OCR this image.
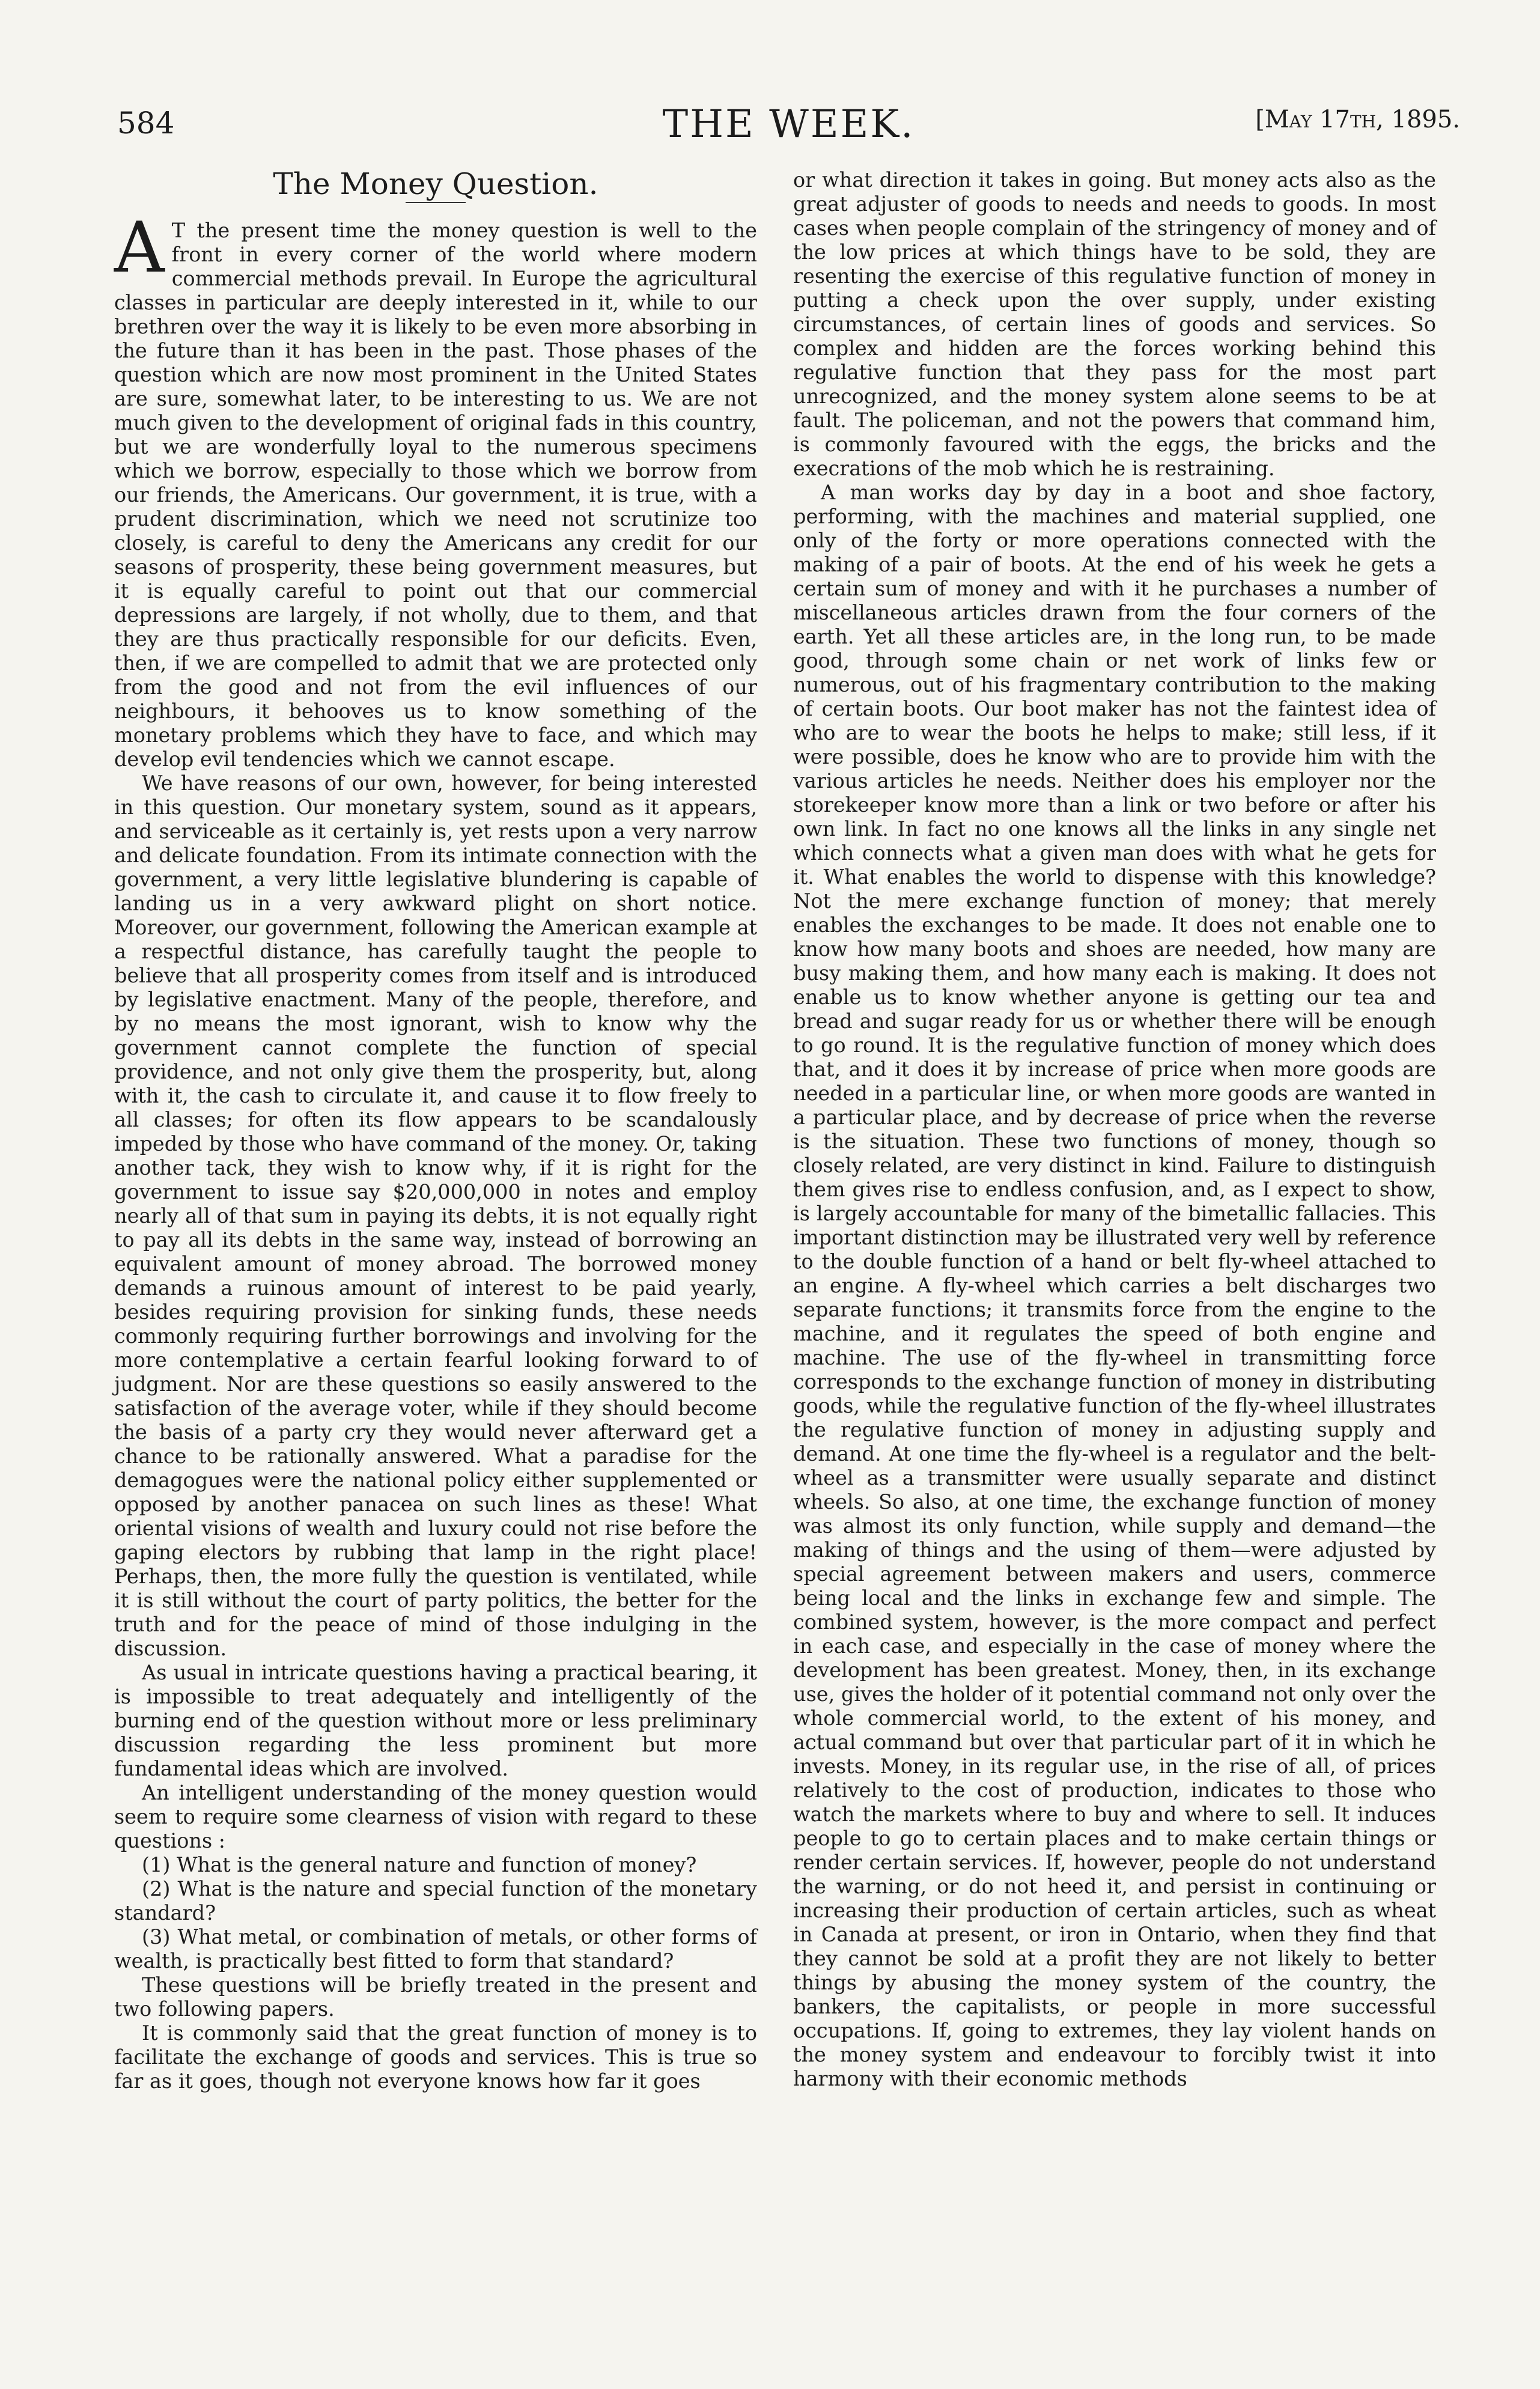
584	THE WEEK.	[May 17th, 1895.
The Money Question.

A T the present time the money question is well to the front in every corner of the world where modern commercial methods prevail. In Europe the agricultural classes in particular are deeply interested in it, while to our brethren over the way it is likely to be even more absorbing in the future than it has been in the past. Those phases of the question which are now most prominent in the United States are sure, somewhat later, to be interesting to us. We are not much given to the development of original fads in this country, but we are wonderfully loyal to the numerous specimens which we borrow, especially to those which we borrow from our friends, the Americans. Our government, it is true, with a prudent discrimination, which we need not scrutinize too closely, is careful to deny the Americans any credit for our seasons of prosperity, these being government measures, but it is equally careful to point out that our commercial depressions are largely, if not wholly, due to them, and that they are thus practically responsible for our deficits. Even, then, if we are compelled to admit that we are protected only from the good and not from the evil influences of our neighbours, it behooves us to know something of the monetary problems which they have to face, and which may develop evil tendencies which we cannot escape.

We have reasons of our own, however, for being interested in this question. Our monetary system, sound as it appears, and serviceable as it certainly is, yet rests upon a very narrow and delicate foundation. From its intimate connection with the government, a very little legislative blundering is capable of landing us in a very awkward plight on short notice. Moreover, our government, following the American example at a respectful distance, has carefully taught the people to believe that all prosperity comes from itself and is introduced by legislative enactment. Many of the people, therefore, and by no means the most ignorant, wish to know why the government cannot complete the function of special providence, and not only give them the prosperity, but, along with it, the cash to circulate it, and cause it to flow freely to all classes; for often its flow appears to be scandalously impeded by those who have command of the money. Or, taking another tack, they wish to know why, if it is right for the government to issue say $20,000,000 in notes and employ nearly all of that sum in paying its debts, it is not equally right to pay all its debts in the same way, instead of borrowing an equivalent amount of money abroad. The borrowed money demands a ruinous amount of interest to be paid yearly, besides requiring provision for sinking funds, these needs commonly requiring further borrowings and involving for the more contemplative a certain fearful looking forward to of judgment. Nor are these questions so easily answered to the satisfaction of the average voter, while if they should become the basis of a party cry they would never afterward get a chance to be rationally answered. What a paradise for the demagogues were the national policy either supplemented or opposed by another panacea on such lines as these! What oriental visions of wealth and luxury could not rise before the gaping electors by rubbing that lamp in the right place! Perhaps, then, the more fully the question is ventilated, while it is still without the court of party politics, the better for the truth and for the peace of mind of those indulging in the discussion.

As usual in intricate questions having a practical bearing, it is impossible to treat adequately and intelligently of the burning end of the question without more or less preliminary discussion regarding the less prominent but more fundamental ideas which are involved.

An intelligent understanding of the money question would seem to require some clearness of vision with regard to these questions :

(1) What is the general nature and function of money?

(2) What is the nature and special function of the monetary standard?

(3) What metal, or combination of metals, or other forms of wealth, is practically best fitted to form that standard?

These questions will be briefly treated in the present and two following papers.

It is commonly said that the great function of money is to facilitate the exchange of goods and services. This is true so far as it goes, though not everyone knows how far it goes

or what direction it takes in going. But money acts also as the great adjuster of goods to needs and needs to goods. In most cases when people complain of the stringency of money and of the low prices at which things have to be sold, they are resenting the exercise of this regulative function of money in putting a check upon the over supply, under existing circumstances, of certain lines of goods and services. So complex and hidden are the forces working behind this regulative function that they pass for the most part unrecognized, and the money system alone seems to be at fault. The policeman, and not the powers that command him, is commonly favoured with the eggs, the bricks and the execrations of the mob which he is restraining.

A man works day by day in a boot and shoe factory, performing, with the machines and material supplied, one only of the forty or more operations connected with the making of a pair of boots. At the end of his week he gets a certain sum of money and with it he purchases a number of miscellaneous articles drawn from the four corners of the earth. Yet all these articles are, in the long run, to be made good, through some chain or net work of links few or numerous, out of his fragmentary contribution to the making of certain boots. Our boot maker has not the faintest idea of who are to wear the boots he helps to make; still less, if it were possible, does he know who are to provide him with the various articles he needs. Neither does his employer nor the storekeeper know more than a link or two before or after his own link. In fact no one knows all the links in any single net which connects what a given man does with what he gets for it. What enables the world to dispense with this knowledge? Not the mere exchange function of money; that merely enables the exchanges to be made. It does not enable one to know how many boots and shoes are needed, how many are busy making them, and how many each is making. It does not enable us to know whether anyone is getting our tea and bread and sugar ready for us or whether there will be enough to go round. It is the regulative function of money which does that, and it does it by increase of price when more goods are needed in a particular line, or when more goods are wanted in a particular place, and by decrease of price when the reverse is the situation. These two functions of money, though so closely related, are very distinct in kind. Failure to distinguish them gives rise to endless confusion, and, as I expect to show, is largely accountable for many of the bimetallic fallacies. This important distinction may be illustrated very well by reference to the double function of a hand or belt fly-wheel attached to an engine. A fly-wheel which carries a belt discharges two separate functions; it transmits force from the engine to the machine, and it regulates the speed of both engine and machine. The use of the fly-wheel in transmitting force corresponds to the exchange function of money in distributing goods, while the regulative function of the fly-wheel illustrates the regulative function of money in adjusting supply and demand. At one time the fly-wheel is a regulator and the belt-wheel as a transmitter were usually separate and distinct wheels. So also, at one time, the exchange function of money was almost its only function, while supply and demand—the making of things and the using of them—were adjusted by special agreement between makers and users, commerce being local and the links in exchange few and simple. The combined system, however, is the more compact and perfect in each case, and especially in the case of money where the development has been greatest. Money, then, in its exchange use, gives the holder of it potential command not only over the whole commercial world, to the extent of his money, and actual command but over that particular part of it in which he invests. Money, in its regular use, in the rise of all, of prices relatively to the cost of production, indicates to those who watch the markets where to buy and where to sell. It induces people to go to certain places and to make certain things or render certain services. If, however, people do not understand the warning, or do not heed it, and persist in continuing or increasing their production of certain articles, such as wheat in Canada at present, or iron in Ontario, when they find that they cannot be sold at a profit they are not likely to better things by abusing the money system of the country, the bankers, the capitalists, or people in more successful occupations. If, going to extremes, they lay violent hands on the money system and endeavour to forcibly twist it into harmony with their economic methods
